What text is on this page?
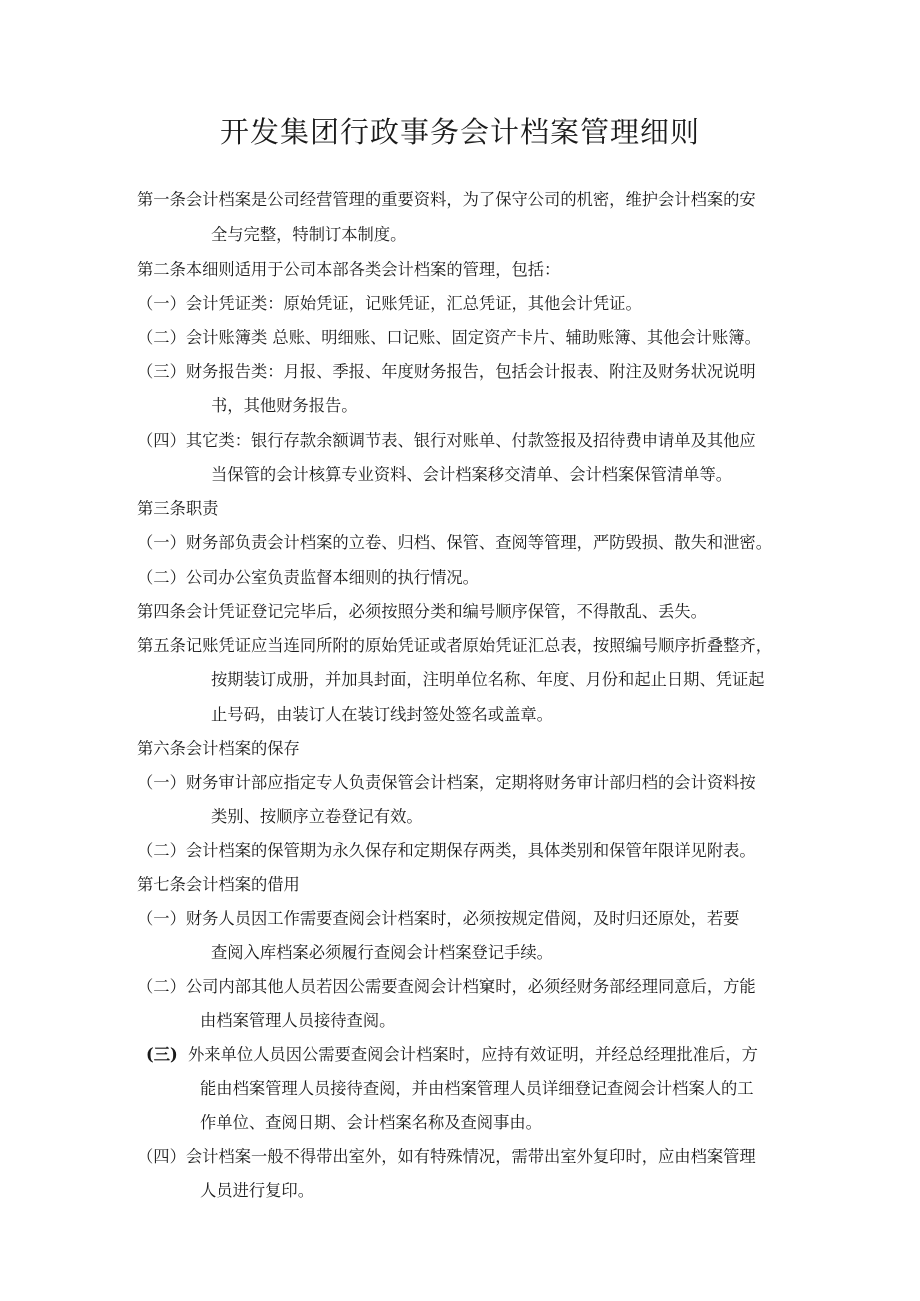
开发集团行政事务会计档案管理细则
第一条会计档案是公司经营管理的重要资料，为了保守公司的机密，维护会计档案的安
全与完整，特制订本制度。
第二条本细则适用于公司本部各类会计档案的管理，包括：
（一）会计凭证类：原始凭证，记账凭证，汇总凭证，其他会计凭证。
（二）会计账簿类 总账、明细账、口记账、固定资产卡片、辅助账簿、其他会计账簿。
（三）财务报告类：月报、季报、年度财务报告，包括会计报表、附注及财务状况说明
书，其他财务报告。
（四）其它类：银行存款余额调节表、银行对账单、付款签报及招待费申请单及其他应
当保管的会计核算专业资料、会计档案移交清单、会计档案保管清单等。
第三条职责
（一）财务部负责会计档案的立卷、归档、保管、查阅等管理，严防毁损、散失和泄密。
（二）公司办公室负责监督本细则的执行情况。
第四条会计凭证登记完毕后，必须按照分类和编号顺序保管，不得散乱、丢失。
第五条记账凭证应当连同所附的原始凭证或者原始凭证汇总表，按照编号顺序折叠整齐，
按期装订成册，并加具封面，注明单位名称、年度、月份和起止日期、凭证起
止号码，由装订人在装订线封签处签名或盖章。
第六条会计档案的保存
（一）财务审计部应指定专人负责保管会计档案，定期将财务审计部归档的会计资料按
类别、按顺序立卷登记有效。
（二）会计档案的保管期为永久保存和定期保存两类，具体类别和保管年限详见附表。
第七条会计档案的借用
（一）财务人员因工作需要查阅会计档案时，必须按规定借阅，及时归还原处，若要
查阅入库档案必须履行查阅会计档案登记手续。
（二）公司内部其他人员若因公需要查阅会计档窠时，必须经财务部经理同意后，方能
由档案管理人员接待查阅。
(三) 外来单位人员因公需要查阅会计档案时，应持有效证明，并经总经理批准后，方
能由档案管理人员接待查阅，并由档案管理人员详细登记查阅会计档案人的工
作单位、查阅日期、会计档案名称及查阅事由。
（四）会计档案一般不得带出室外，如有特殊情况，需带出室外复印时，应由档案管理
人员进行复印。
